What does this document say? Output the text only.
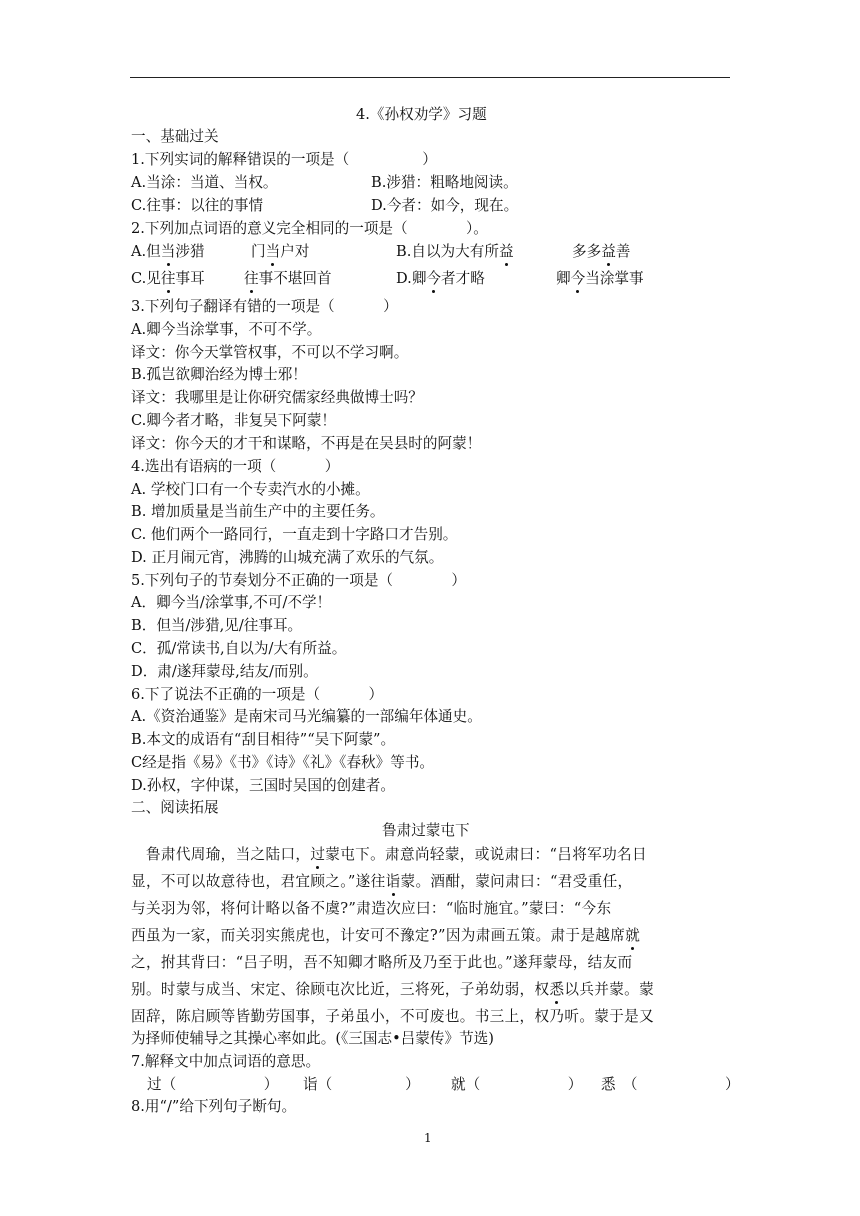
4.《孙权劝学》习题
一、基础过关
1.下列实词的解释错误的一项是（　　　　　）
A.当涂：当道、当权。	B.涉猎：粗略地阅读。
C.往事：以往的事情	D.今者：如今，现在。
2.下列加点词语的意义完全相同的一项是（　　　　）。
A.但当涉猎	门当户对	B.自以为大有所益	多多益善
C.见往事耳	往事不堪回首	D.卿今者才略	卿今当涂掌事
3.下列句子翻译有错的一项是（　　　 ）
A.卿今当涂掌事，不可不学。
译文：你今天掌管权事，不可以不学习啊。
B.孤岂欲卿治经为博士邪！
译文：我哪里是让你研究儒家经典做博士吗？
C.卿今者才略，非复吴下阿蒙！
译文：你今天的才干和谋略，不再是在吴县时的阿蒙！
4.选出有语病的一项（　　　 ）
A. 学校门口有一个专卖汽水的小摊。
B. 增加质量是当前生产中的主要任务。
C. 他们两个一路同行，一直走到十字路口才告别。
D. 正月闹元宵，沸腾的山城充满了欢乐的气氛。
5.下列句子的节奏划分不正确的一项是（　　　　）
A．卿今当/涂掌事,不可/不学！
B．但当/涉猎,见/往事耳。
C．孤/常读书,自以为/大有所益。
D．肃/遂拜蒙母,结友/而别。
6.下了说法不正确的一项是（　　　 ）
A.《资治通鉴》是南宋司马光编纂的一部编年体通史。
B.本文的成语有“刮目相待”“吴下阿蒙”。
C经是指《易》《书》《诗》《礼》《春秋》等书。
D.孙权，字仲谋，三国时吴国的创建者。
二、阅读拓展
鲁肃过蒙屯下
　鲁肃代周瑜，当之陆口，过蒙屯下。肃意尚轻蒙，或说肃曰：“吕将军功名日
显，不可以故意待也，君宜顾之。”遂往诣蒙。酒酣，蒙问肃曰：“君受重任，
与关羽为邻，将何计略以备不虞?”肃造次应曰：“临时施宜。”蒙曰：“今东
西虽为一家，而关羽实熊虎也，计安可不豫定?”因为肃画五策。肃于是越席就
之，拊其背曰：“吕子明，吾不知卿才略所及乃至于此也。”遂拜蒙母，结友而
别。时蒙与成当、宋定、徐顾屯次比近，三将死，子弟幼弱，权悉以兵并蒙。蒙
固辞，陈启顾等皆勤劳国事，子弟虽小，不可废也。书三上，权乃听。蒙于是又
为择师使辅导之其操心率如此。(《三国志•吕蒙传》节选)
7.解释文中加点词语的意思。
过（　　　　　　） 诣（　　　　　） 就（　　　　　　） 悉　（　　　　　　）
8.用“/”给下列句子断句。
1
